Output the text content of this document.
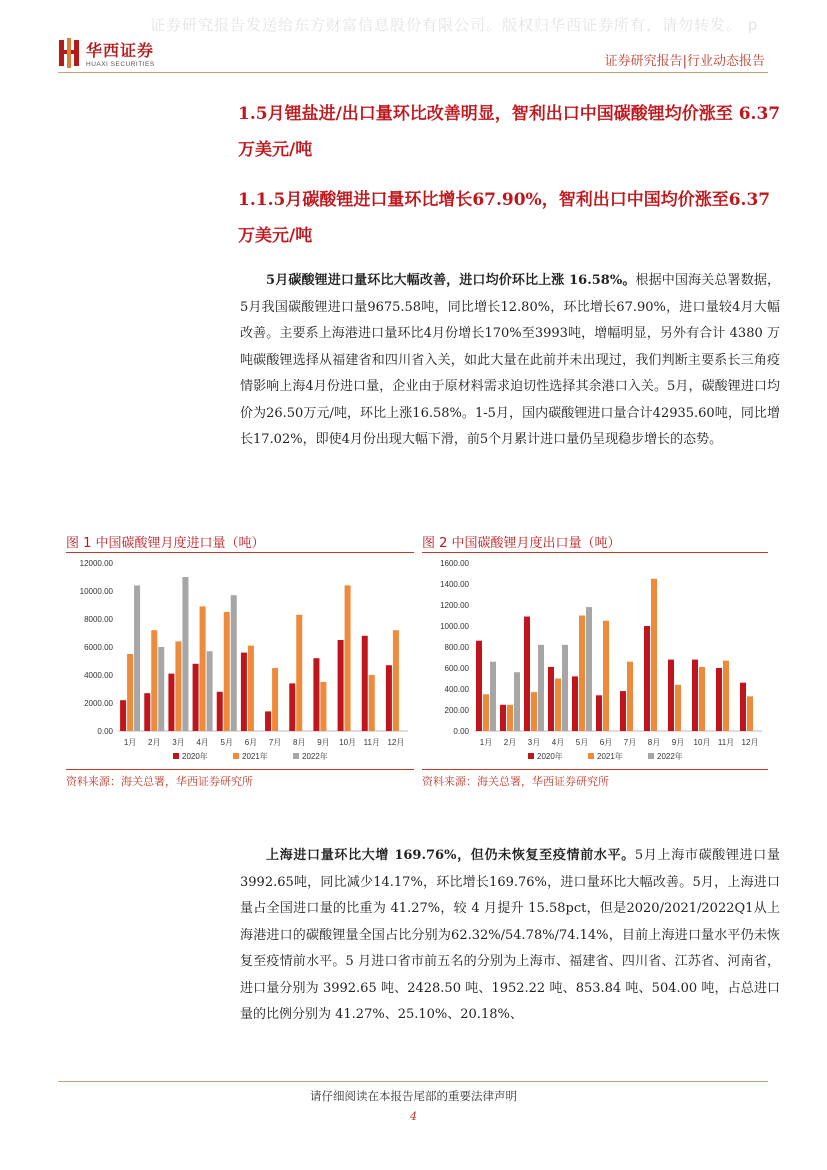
证券研究报告发送给东方财富信息股份有限公司。版权归华西证券所有，请勿转发。 p
华西证券
HUAXI SECURITIES	证券研究报告|行业动态报告
1.5月锂盐进/出口量环比改善明显，智利出口中国碳酸锂均价涨至 6.37万美元/吨
1.1.5月碳酸锂进口量环比增长67.90%，智利出口中国均价涨至6.37万美元/吨
5月碳酸锂进口量环比大幅改善，进口均价环比上涨 16.58%。根据中国海关总署数据，5月我国碳酸锂进口量9675.58吨，同比增长12.80%，环比增长67.90%，进口量较4月大幅改善。主要系上海港进口量环比4月份增长170%至3993吨，增幅明显，另外有合计 4380 万吨碳酸锂选择从福建省和四川省入关，如此大量在此前并未出现过，我们判断主要系长三角疫情影响上海4月份进口量，企业由于原材料需求迫切性选择其余港口入关。5月，碳酸锂进口均价为26.50万元/吨，环比上涨16.58%。1-5月，国内碳酸锂进口量合计42935.60吨，同比增长17.02%，即使4月份出现大幅下滑，前5个月累计进口量仍呈现稳步增长的态势。
图 1 中国碳酸锂月度进口量（吨）
0.00
2000.00
4000.00
6000.00
8000.00
10000.00
12000.00
1月 2月 3月 4月 5月 6月 7月 8月 9月 10月 11月 12月
2020年	2021年	2022年
资料来源：海关总署，华西证券研究所
图 2 中国碳酸锂月度出口量（吨）
0.00
200.00
400.00
600.00
800.00
1000.00
1200.00
1400.00
1600.00
1月 2月 3月 4月 5月 6月 7月 8月 9月 10月 11月 12月
2020年	2021年	2022年
资料来源：海关总署，华西证券研究所
上海进口量环比大增 169.76%，但仍未恢复至疫情前水平。5月上海市碳酸锂进口量3992.65吨，同比减少14.17%，环比增长169.76%，进口量环比大幅改善。5月，上海进口量占全国进口量的比重为 41.27%，较 4 月提升 15.58pct，但是2020/2021/2022Q1从上海港进口的碳酸锂量全国占比分别为62.32%/54.78%/74.14%，目前上海进口量水平仍未恢复至疫情前水平。5 月进口省市前五名的分别为上海市、福建省、四川省、江苏省、河南省，进口量分别为 3992.65 吨、2428.50 吨、1952.22 吨、853.84 吨、504.00 吨，占总进口量的比例分别为 41.27%、25.10%、20.18%、
请仔细阅读在本报告尾部的重要法律声明
4
